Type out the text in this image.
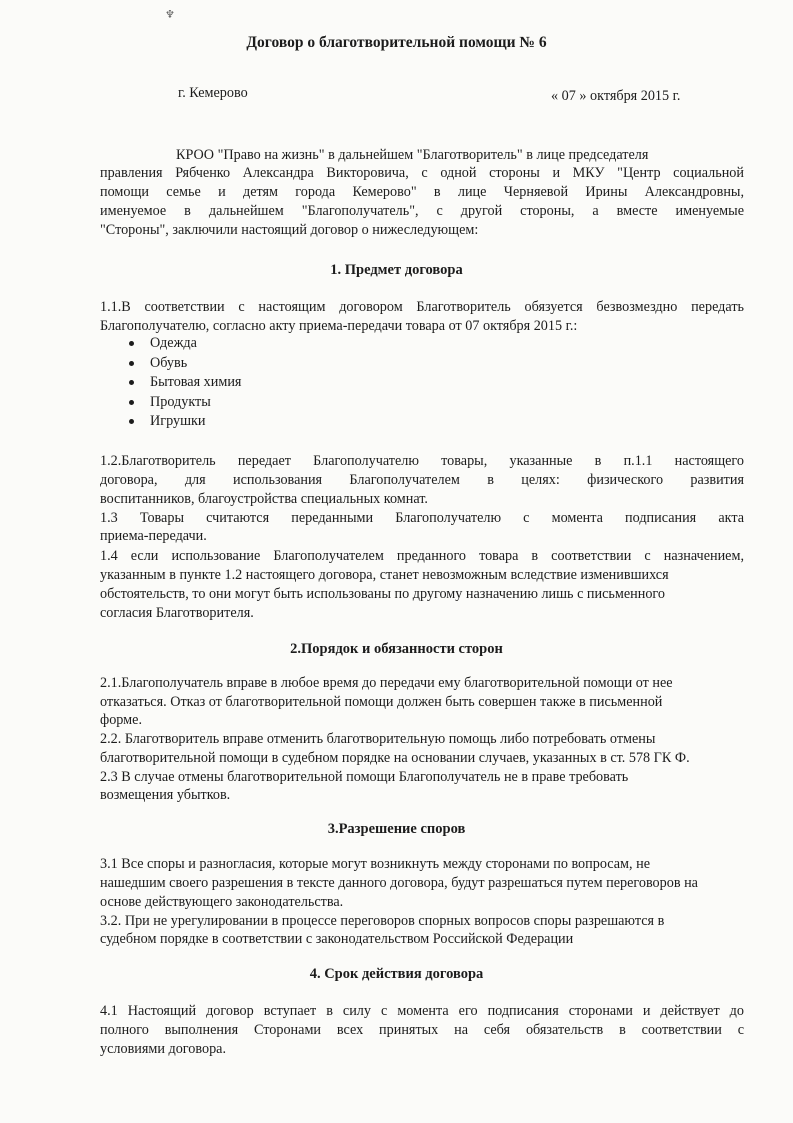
♆
Договор о благотворительной помощи № 6
г. Кемерово	« 07 » октября 2015 г.
КРОО "Право на жизнь" в дальнейшем "Благотворитель" в лице председателя
правления Рябченко Александра Викторовича, с одной стороны и МКУ "Центр социальной
помощи семье и детям города Кемерово" в лице Черняевой Ирины Александровны,
именуемое в дальнейшем "Благополучатель", с другой стороны, а вместе именуемые
"Стороны", заключили настоящий договор о нижеследующем:
1. Предмет договора
1.1.В соответствии с настоящим договором Благотворитель обязуется безвозмездно передать
Благополучателю, согласно акту приема-передачи товара от 07 октября 2015 г.:
Одежда
Обувь
Бытовая химия
Продукты
Игрушки
1.2.Благотворитель передает Благополучателю товары, указанные в п.1.1 настоящего
договора, для использования Благополучателем в целях: физического развития
воспитанников, благоустройства специальных комнат.
1.3 Товары считаются переданными Благополучателю с момента подписания акта
приема-передачи.
1.4 если использование Благополучателем преданного товара в соответствии с назначением,
указанным в пункте 1.2 настоящего договора, станет невозможным вследствие изменившихся
обстоятельств, то они могут быть использованы по другому назначению лишь с письменного
согласия Благотворителя.
2.Порядок и обязанности сторон
2.1.Благополучатель вправе в любое время до передачи ему благотворительной помощи от нее
отказаться. Отказ от благотворительной помощи должен быть совершен также в письменной
форме.
2.2. Благотворитель вправе отменить благотворительную помощь либо потребовать отмены
благотворительной помощи в судебном порядке на основании случаев, указанных в ст. 578 ГК Ф.
2.3 В случае отмены благотворительной помощи Благополучатель не в праве требовать
возмещения убытков.
3.Разрешение споров
3.1 Все споры и разногласия, которые могут возникнуть между сторонами по вопросам, не
нашедшим своего разрешения в тексте данного договора, будут разрешаться путем переговоров на
основе действующего законодательства.
3.2. При не урегулировании в процессе переговоров спорных вопросов споры разрешаются в
судебном порядке в соответствии с законодательством Российской Федерации
4. Срок действия договора
4.1 Настоящий договор вступает в силу с момента его подписания сторонами и действует до
полного выполнения Сторонами всех принятых на себя обязательств в соответствии с
условиями договора.
